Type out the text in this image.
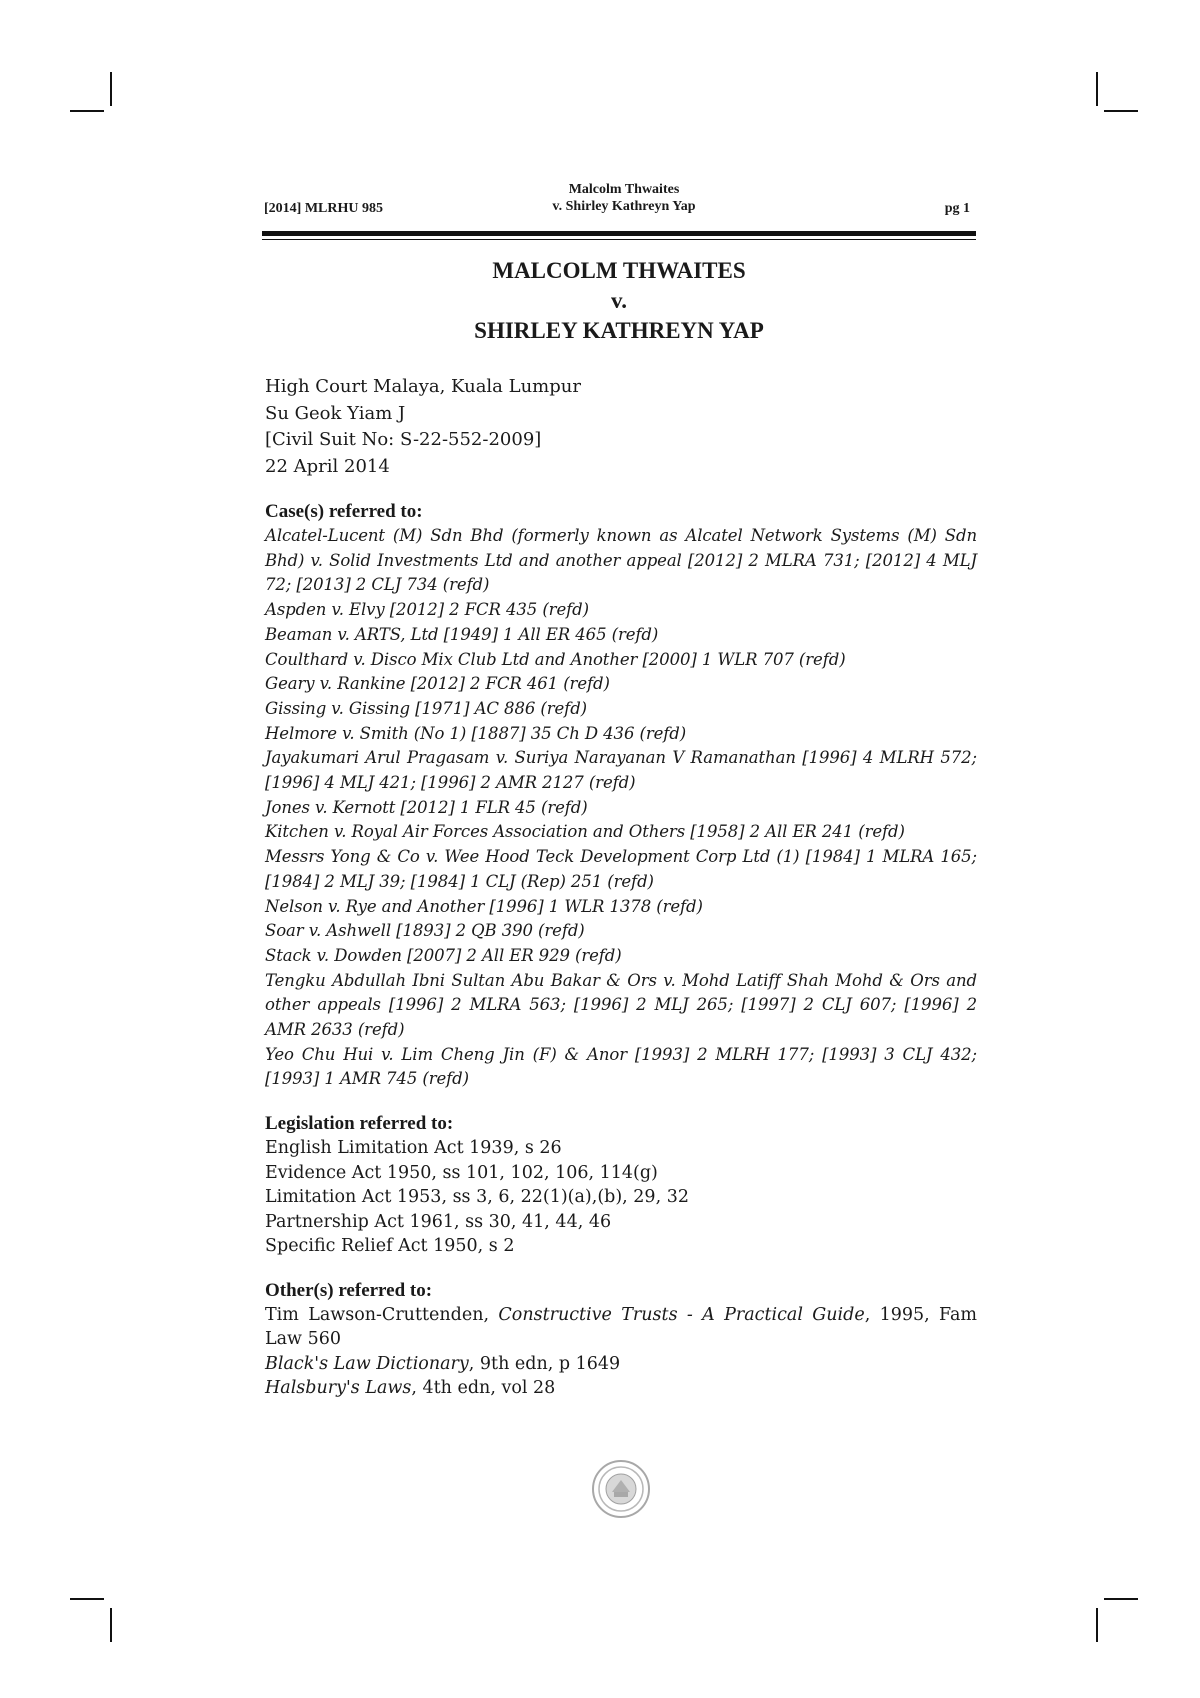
[2014] MLRHU 985
Malcolm Thwaites
v. Shirley Kathreyn Yap	pg 1
MALCOLM THWAITES
v.
SHIRLEY KATHREYN YAP
High Court Malaya, Kuala Lumpur
Su Geok Yiam J
[Civil Suit No: S-22-552-2009]
22 April 2014
Case(s) referred to:

Alcatel-Lucent (M) Sdn Bhd (formerly known as Alcatel Network Systems (M) Sdn Bhd) v. Solid Investments Ltd and another appeal [2012] 2 MLRA 731; [2012] 4 MLJ 72; [2013] 2 CLJ 734 (refd)

Aspden v. Elvy [2012] 2 FCR 435 (refd)

Beaman v. ARTS, Ltd [1949] 1 All ER 465 (refd)

Coulthard v. Disco Mix Club Ltd and Another [2000] 1 WLR 707 (refd)

Geary v. Rankine [2012] 2 FCR 461 (refd)

Gissing v. Gissing [1971] AC 886 (refd)

Helmore v. Smith (No 1) [1887] 35 Ch D 436 (refd)

Jayakumari Arul Pragasam v. Suriya Narayanan V Ramanathan [1996] 4 MLRH 572; [1996] 4 MLJ 421; [1996] 2 AMR 2127 (refd)

Jones v. Kernott [2012] 1 FLR 45 (refd)

Kitchen v. Royal Air Forces Association and Others [1958] 2 All ER 241 (refd)

Messrs Yong & Co v. Wee Hood Teck Development Corp Ltd (1) [1984] 1 MLRA 165; [1984] 2 MLJ 39; [1984] 1 CLJ (Rep) 251 (refd)

Nelson v. Rye and Another [1996] 1 WLR 1378 (refd)

Soar v. Ashwell [1893] 2 QB 390 (refd)

Stack v. Dowden [2007] 2 All ER 929 (refd)

Tengku Abdullah Ibni Sultan Abu Bakar & Ors v. Mohd Latiff Shah Mohd & Ors and other appeals [1996] 2 MLRA 563; [1996] 2 MLJ 265; [1997] 2 CLJ 607; [1996] 2 AMR 2633 (refd)

Yeo Chu Hui v. Lim Cheng Jin (F) & Anor [1993] 2 MLRH 177; [1993] 3 CLJ 432; [1993] 1 AMR 745 (refd)

Legislation referred to:

English Limitation Act 1939, s 26

Evidence Act 1950, ss 101, 102, 106, 114(g)

Limitation Act 1953, ss 3, 6, 22(1)(a),(b), 29, 32

Partnership Act 1961, ss 30, 41, 44, 46

Specific Relief Act 1950, s 2

Other(s) referred to:

Tim Lawson-Cruttenden, Constructive Trusts - A Practical Guide, 1995, Fam Law 560

Black's Law Dictionary, 9th edn, p 1649

Halsbury's Laws, 4th edn, vol 28
